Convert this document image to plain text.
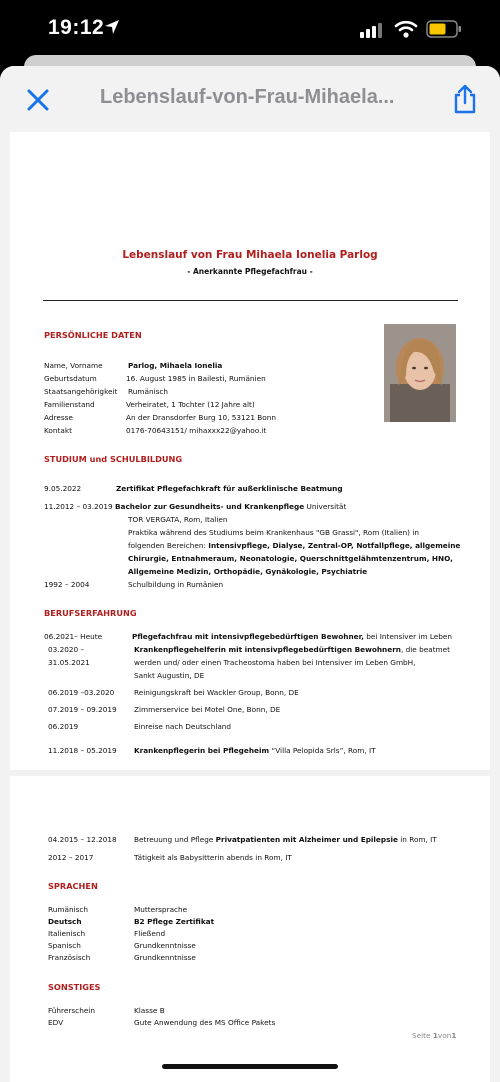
19:12
Lebenslauf-von-Frau-Mihaela...
Lebenslauf von Frau Mihaela Ionelia Parlog
- Anerkannte Pflegefachfrau -
PERSÖNLICHE DATEN
Name, Vorname	Parlog, Mihaela Ionelia
Geburtsdatum	16. August 1985 in Bailesti, Rumänien
Staatsangehörigkeit Rumänisch
Familienstand	Verheiratet, 1 Tochter (12 Jahre alt)
Adresse	An der Dransdorfer Burg 10, 53121 Bonn
Kontakt	0176-70643151/ mihaxxx22@yahoo.it
STUDIUM und SCHULBILDUNG
9.05.2022	Zertifikat Pflegefachkraft für außerklinische Beatmung
11.2012 – 03.2019 Bachelor zur Gesundheits- und Krankenpflege Universität
TOR VERGATA, Rom, Italien
Praktika während des Studiums beim Krankenhaus "GB Grassi", Rom (Italien) in
folgenden Bereichen: Intensivpflege, Dialyse, Zentral-OP, Notfallpflege, allgemeine
Chirurgie, Entnahmeraum, Neonatologie, Querschnittgelähmtenzentrum, HNO,
Allgemeine Medizin, Orthopädie, Gynäkologie, Psychiatrie
1992 – 2004	Schulbildung in Rumänien
BERUFSERFAHRUNG
06.2021– Heute	Pflegefachfrau mit intensivpflegebedürftigen Bewohner, bei Intensiver im Leben
03.2020 –
31.05.2021
Krankenpflegehelferin mit intensivpflegebedürftigen Bewohnern, die beatmet
werden und/ oder einen Tracheostoma haben bei Intensiver im Leben GmbH,
Sankt Augustin, DE
06.2019 –03.2020	Reinigungskraft bei Wackler Group, Bonn, DE
07.2019 – 09.2019 Zimmerservice bei Motel One, Bonn, DE
06.2019	Einreise nach Deutschland
11.2018 – 05.2019 Krankenpflegerin bei Pflegeheim “Villa Pelopida Srls”, Rom, IT
04.2015 – 12.2018 Betreuung und Pflege Privatpatienten mit Alzheimer und Epilepsie in Rom, IT
2012 – 2017	Tätigkeit als Babysitterin abends in Rom, IT
SPRACHEN
Rumänisch	Muttersprache
Deutsch	B2 Pflege Zertifikat
Italienisch	Fließend
Spanisch	Grundkenntnisse
Französisch	Grundkenntnisse
SONSTIGES
Führerschein	Klasse B
EDV	Gute Anwendung des MS Office Pakets
Seite 1von1
